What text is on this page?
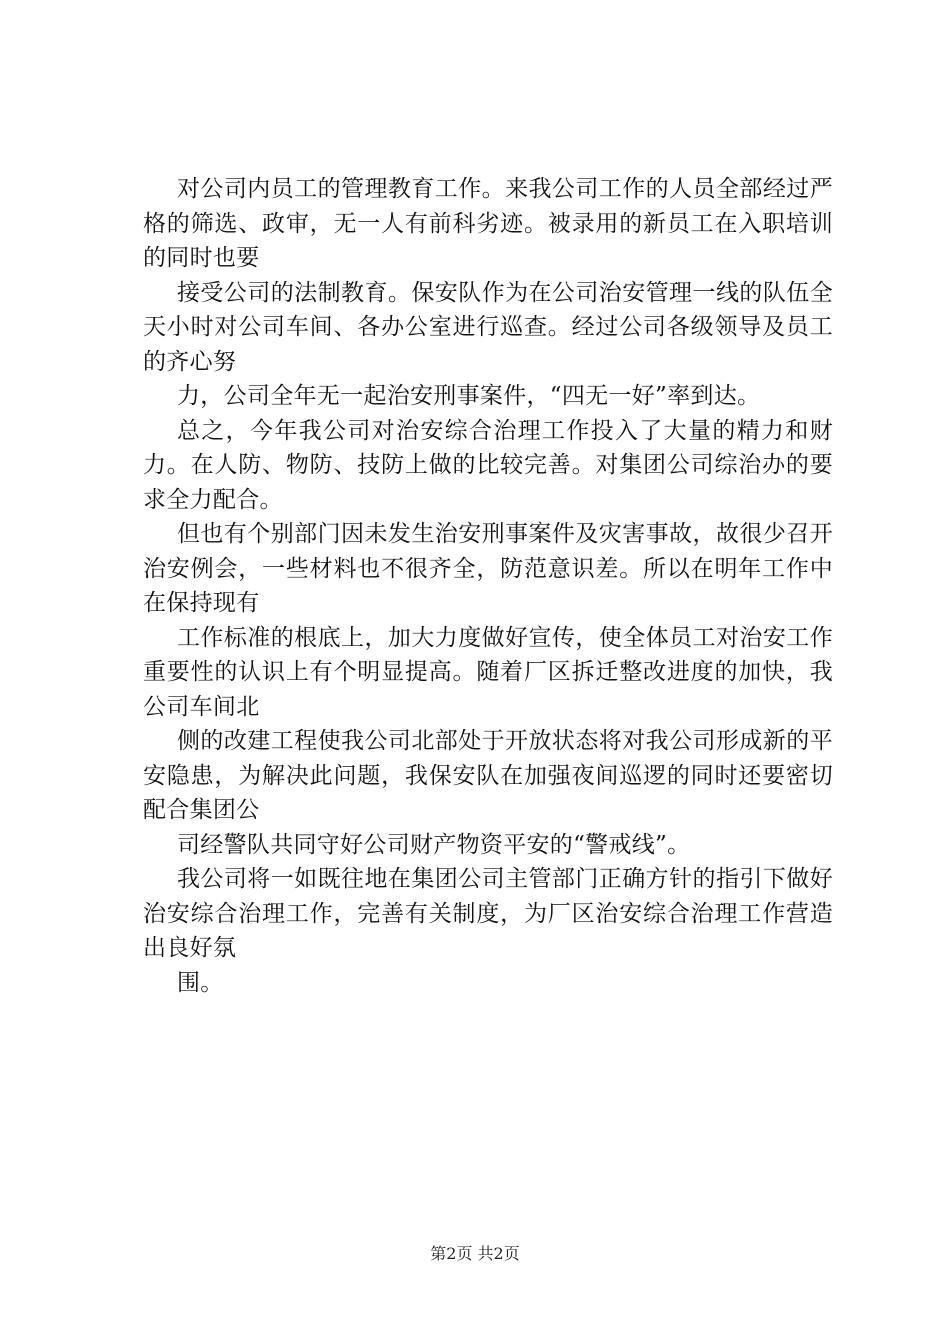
对公司内员工的管理教育工作。来我公司工作的人员全部经过严格的筛选、政审，无一人有前科劣迹。被录用的新员工在入职培训的同时也要

接受公司的法制教育。保安队作为在公司治安管理一线的队伍全天小时对公司车间、各办公室进行巡查。经过公司各级领导及员工的齐心努

力，公司全年无一起治安刑事案件，“四无一好”率到达。

总之，今年我公司对治安综合治理工作投入了大量的精力和财力。在人防、物防、技防上做的比较完善。对集团公司综治办的要求全力配合。

但也有个别部门因未发生治安刑事案件及灾害事故，故很少召开治安例会，一些材料也不很齐全，防范意识差。所以在明年工作中在保持现有

工作标准的根底上，加大力度做好宣传，使全体员工对治安工作重要性的认识上有个明显提高。随着厂区拆迁整改进度的加快，我公司车间北

侧的改建工程使我公司北部处于开放状态将对我公司形成新的平安隐患，为解决此问题，我保安队在加强夜间巡逻的同时还要密切配合集团公

司经警队共同守好公司财产物资平安的“警戒线”。

我公司将一如既往地在集团公司主管部门正确方针的指引下做好治安综合治理工作，完善有关制度，为厂区治安综合治理工作营造出良好氛

围。

第2页 共2页
